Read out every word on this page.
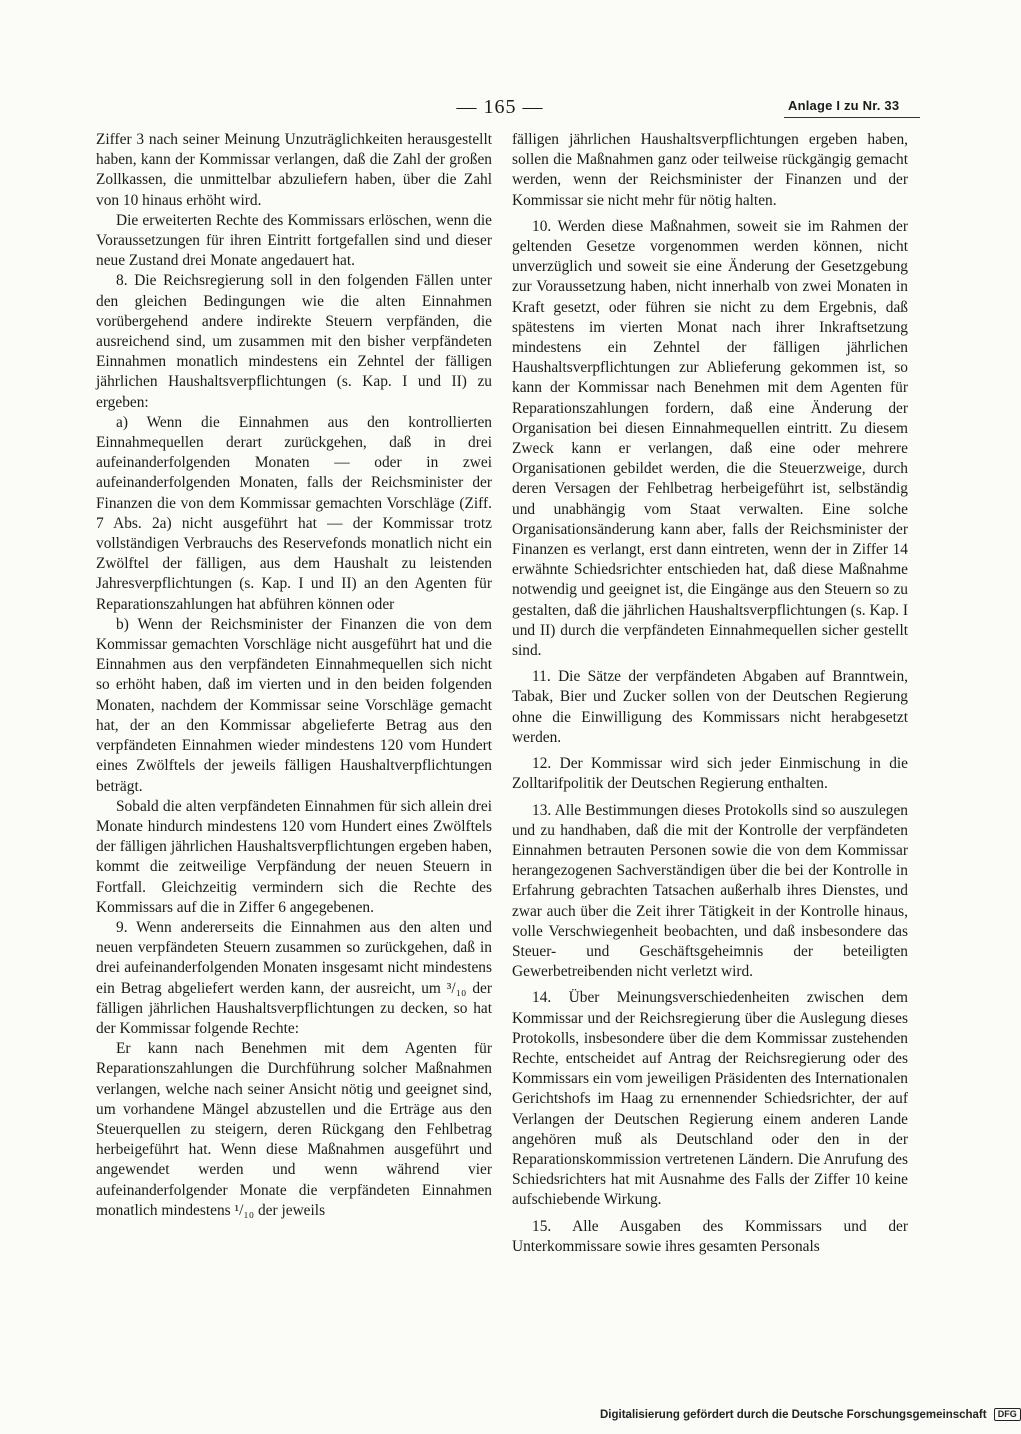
— 165 —	Anlage I zu Nr. 33

Ziffer 3 nach seiner Meinung Unzuträglichkeiten herausgestellt haben, kann der Kommissar verlangen, daß die Zahl der großen Zollkassen, die unmittelbar abzuliefern haben, über die Zahl von 10 hinaus erhöht wird.

Die erweiterten Rechte des Kommissars erlöschen, wenn die Voraussetzungen für ihren Eintritt fortgefallen sind und dieser neue Zustand drei Monate angedauert hat.

8. Die Reichsregierung soll in den folgenden Fällen unter den gleichen Bedingungen wie die alten Einnahmen vorübergehend andere indirekte Steuern verpfänden, die ausreichend sind, um zusammen mit den bisher verpfändeten Einnahmen monatlich mindestens ein Zehntel der fälligen jährlichen Haushaltsverpflichtungen (s. Kap. I und II) zu ergeben:

a) Wenn die Einnahmen aus den kontrollierten Einnahmequellen derart zurückgehen, daß in drei aufeinanderfolgenden Monaten — oder in zwei aufeinanderfolgenden Monaten, falls der Reichsminister der Finanzen die von dem Kommissar gemachten Vorschläge (Ziff. 7 Abs. 2a) nicht ausgeführt hat — der Kommissar trotz vollständigen Verbrauchs des Reservefonds monatlich nicht ein Zwölftel der fälligen, aus dem Haushalt zu leistenden Jahresverpflichtungen (s. Kap. I und II) an den Agenten für Reparationszahlungen hat abführen können oder

b) Wenn der Reichsminister der Finanzen die von dem Kommissar gemachten Vorschläge nicht ausgeführt hat und die Einnahmen aus den verpfändeten Einnahmequellen sich nicht so erhöht haben, daß im vierten und in den beiden folgenden Monaten, nachdem der Kommissar seine Vorschläge gemacht hat, der an den Kommissar abgelieferte Betrag aus den verpfändeten Einnahmen wieder mindestens 120 vom Hundert eines Zwölftels der jeweils fälligen Haushaltverpflichtungen beträgt.

Sobald die alten verpfändeten Einnahmen für sich allein drei Monate hindurch mindestens 120 vom Hundert eines Zwölftels der fälligen jährlichen Haushaltsverpflichtungen ergeben haben, kommt die zeitweilige Verpfändung der neuen Steuern in Fortfall. Gleichzeitig vermindern sich die Rechte des Kommissars auf die in Ziffer 6 angegebenen.

9. Wenn andererseits die Einnahmen aus den alten und neuen verpfändeten Steuern zusammen so zurückgehen, daß in drei aufeinanderfolgenden Monaten insgesamt nicht mindestens ein Betrag abgeliefert werden kann, der ausreicht, um ³/₁₀ der fälligen jährlichen Haushaltsverpflichtungen zu decken, so hat der Kommissar folgende Rechte:

Er kann nach Benehmen mit dem Agenten für Reparationszahlungen die Durchführung solcher Maßnahmen verlangen, welche nach seiner Ansicht nötig und geeignet sind, um vorhandene Mängel abzustellen und die Erträge aus den Steuerquellen zu steigern, deren Rückgang den Fehlbetrag herbeigeführt hat. Wenn diese Maßnahmen ausgeführt und angewendet werden und wenn während vier aufeinanderfolgender Monate die verpfändeten Einnahmen monatlich mindestens ¹/₁₀ der jeweils

fälligen jährlichen Haushaltsverpflichtungen ergeben haben, sollen die Maßnahmen ganz oder teilweise rückgängig gemacht werden, wenn der Reichsminister der Finanzen und der Kommissar sie nicht mehr für nötig halten.

10. Werden diese Maßnahmen, soweit sie im Rahmen der geltenden Gesetze vorgenommen werden können, nicht unverzüglich und soweit sie eine Änderung der Gesetzgebung zur Voraussetzung haben, nicht innerhalb von zwei Monaten in Kraft gesetzt, oder führen sie nicht zu dem Ergebnis, daß spätestens im vierten Monat nach ihrer Inkraftsetzung mindestens ein Zehntel der fälligen jährlichen Haushaltsverpflichtungen zur Ablieferung gekommen ist, so kann der Kommissar nach Benehmen mit dem Agenten für Reparationszahlungen fordern, daß eine Änderung der Organisation bei diesen Einnahmequellen eintritt. Zu diesem Zweck kann er verlangen, daß eine oder mehrere Organisationen gebildet werden, die die Steuerzweige, durch deren Versagen der Fehlbetrag herbeigeführt ist, selbständig und unabhängig vom Staat verwalten. Eine solche Organisationsänderung kann aber, falls der Reichsminister der Finanzen es verlangt, erst dann eintreten, wenn der in Ziffer 14 erwähnte Schiedsrichter entschieden hat, daß diese Maßnahme notwendig und geeignet ist, die Eingänge aus den Steuern so zu gestalten, daß die jährlichen Haushaltsverpflichtungen (s. Kap. I und II) durch die verpfändeten Einnahmequellen sicher gestellt sind.

11. Die Sätze der verpfändeten Abgaben auf Branntwein, Tabak, Bier und Zucker sollen von der Deutschen Regierung ohne die Einwilligung des Kommissars nicht herabgesetzt werden.

12. Der Kommissar wird sich jeder Einmischung in die Zolltarifpolitik der Deutschen Regierung enthalten.

13. Alle Bestimmungen dieses Protokolls sind so auszulegen und zu handhaben, daß die mit der Kontrolle der verpfändeten Einnahmen betrauten Personen sowie die von dem Kommissar herangezogenen Sachverständigen über die bei der Kontrolle in Erfahrung gebrachten Tatsachen außerhalb ihres Dienstes, und zwar auch über die Zeit ihrer Tätigkeit in der Kontrolle hinaus, volle Verschwiegenheit beobachten, und daß insbesondere das Steuer- und Geschäftsgeheimnis der beteiligten Gewerbetreibenden nicht verletzt wird.

14. Über Meinungsverschiedenheiten zwischen dem Kommissar und der Reichsregierung über die Auslegung dieses Protokolls, insbesondere über die dem Kommissar zustehenden Rechte, entscheidet auf Antrag der Reichsregierung oder des Kommissars ein vom jeweiligen Präsidenten des Internationalen Gerichtshofs im Haag zu ernennender Schiedsrichter, der auf Verlangen der Deutschen Regierung einem anderen Lande angehören muß als Deutschland oder den in der Reparationskommission vertretenen Ländern. Die Anrufung des Schiedsrichters hat mit Ausnahme des Falls der Ziffer 10 keine aufschiebende Wirkung.

15. Alle Ausgaben des Kommissars und der Unterkommissare sowie ihres gesamten Personals

Digitalisierung gefördert durch die Deutsche Forschungsgemeinschaft DFG
